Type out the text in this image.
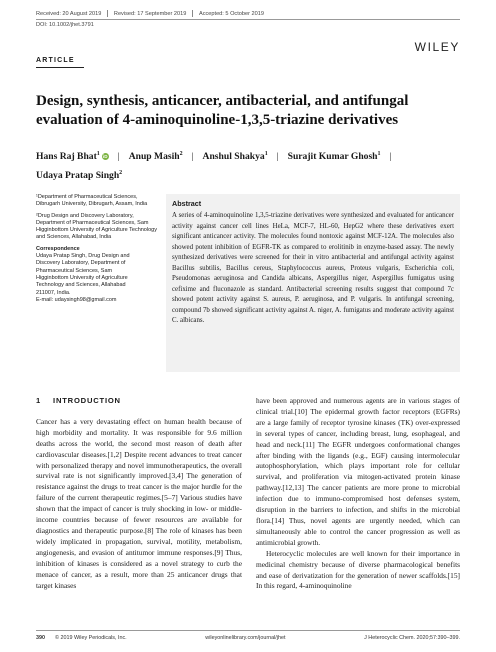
Received: 20 August 2019 Revised: 17 September 2019 Accepted: 5 October 2019
DOI: 10.1002/jhet.3791
WILEY
ARTICLE
Design, synthesis, anticancer, antibacterial, and antifungal evaluation of 4-aminoquinoline-1,3,5-triazine derivatives
Hans Raj Bhat$^1$ iD | Anup Masih$^2$ | Anshul Shakya$^1$ | Surajit Kumar Ghosh$^1$ |
Udaya Pratap Singh$^2$

¹Department of Pharmaceutical Sciences, Dibrugarh University, Dibrugarh, Assam, India

²Drug Design and Discovery Laboratory, Department of Pharmaceutical Sciences, Sam Higginbottom University of Agriculture Technology and Sciences, Allahabad, India

Correspondence

Udaya Pratap Singh, Drug Design and

Discovery Laboratory, Department of

Pharmaceutical Sciences, Sam

Higginbottom University of Agriculture

Technology and Sciences, Allahabad

211007, India.

E-mail: udaysingh98@gmail.com

Abstract

A series of 4-aminoquinoline 1,3,5-triazine derivatives were synthesized and evaluated for anticancer activity against cancer cell lines HeLa, MCF-7, HL-60, HepG2 where these derivatives exert significant anticancer activity. The molecules found nontoxic against MCF-12A. The molecules also showed potent inhibition of EGFR-TK as compared to erolitinib in enzyme-based assay. The newly synthesized derivatives were screened for their in vitro antibacterial and antifungal activity against Bacillus subtilis, Bacillus cereus, Staphylococcus aureus, Proteus vulgaris, Escherichia coli, Pseudomonas aeruginosa and Candida albicans, Aspergillus niger, Aspergillus fumigatus using cefixime and fluconazole as standard. Antibacterial screening results suggest that compound 7c showed potent activity against S. aureus, P. aeruginosa, and P. vulgaris. In antifungal screening, compound 7b showed significant activity against A. niger, A. fumigatus and moderate activity against C. albicans.

1 INTRODUCTION

Cancer has a very devastating effect on human health because of high morbidity and mortality. It was responsible for 9.6 million deaths across the world, the second most reason of death after cardiovascular diseases.[1,2] Despite recent advances to treat cancer with personalized therapy and novel immunotherapeutics, the overall survival rate is not significantly improved.[3,4] The generation of resistance against the drugs to treat cancer is the major hurdle for the failure of the current therapeutic regimes.[5–7] Various studies have shown that the impact of cancer is truly shocking in low- or middle-income countries because of fewer resources are available for diagnostics and therapeutic purpose.[8] The role of kinases has been widely implicated in propagation, survival, motility, metabolism, angiogenesis, and evasion of antitumor immune responses.[9] Thus, inhibition of kinases is considered as a novel strategy to curb the menace of cancer, as a result, more than 25 anticancer drugs that target kinases

have been approved and numerous agents are in various stages of clinical trial.[10] The epidermal growth factor receptors (EGFRs) are a large family of receptor tyrosine kinases (TK) over-expressed in several types of cancer, including breast, lung, esophageal, and head and neck.[11] The EGFR undergoes conformational changes after binding with the ligands (e.g., EGF) causing intermolecular autophosphorylation, which plays important role for cellular survival, and proliferation via mitogen-activated protein kinase pathway.[12,13] The cancer patients are more prone to microbial infection due to immuno-compromised host defenses system, disruption in the barriers to infection, and shifts in the microbial flora.[14] Thus, novel agents are urgently needed, which can simultaneously able to control the cancer progression as well as antimicrobial growth.

Heterocyclic molecules are well known for their importance in medicinal chemistry because of diverse pharmacological benefits and ease of derivatization for the generation of newer scaffolds.[15] In this regard, 4-aminoquinoline

390 © 2019 Wiley Periodicals, Inc.	wileyonlinelibrary.com/journal/jhet	J Heterocyclic Chem. 2020;57:390–399.
